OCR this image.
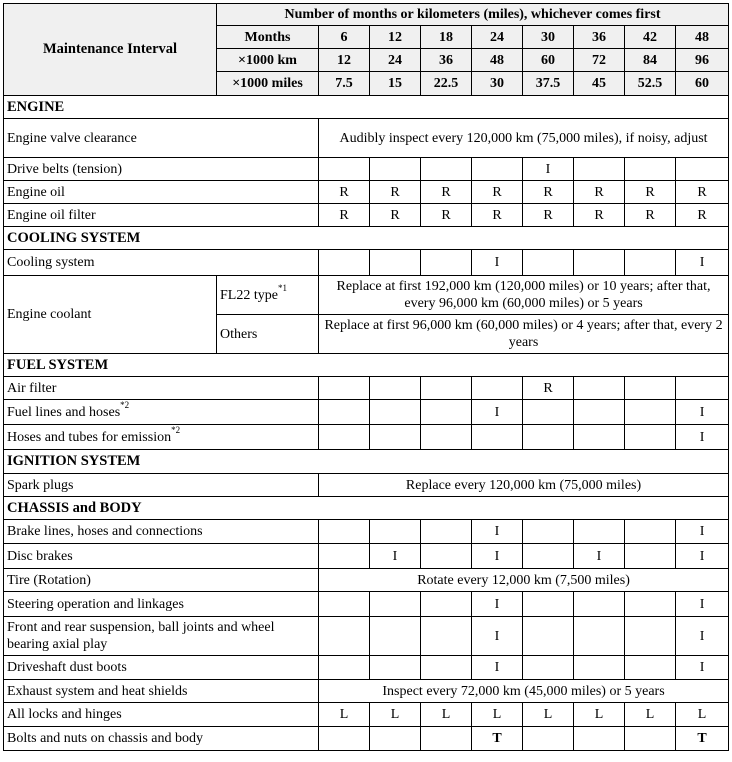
Maintenance Interval	Number of months or kilometers (miles), whichever comes first								
	Months	6	12	18	24	30	36	42	48
	×1000 km	12	24	36	48	60	72	84	96
	×1000 miles	7.5	15	22.5	30	37.5	45	52.5	60
ENGINE									
Engine valve clearance		Audibly inspect every 120,000 km (75,000 miles), if noisy, adjust							
Drive belts (tension)						I			
Engine oil		R	R	R	R	R	R	R	R
Engine oil filter		R	R	R	R	R	R	R	R
COOLING SYSTEM									
Cooling system					I				I
Engine coolant	FL22 type$^{*1}$	Replace at first 192,000 km (120,000 miles) or 10 years; after that, every 96,000 km (60,000 miles) or 5 years							
	Others	Replace at first 96,000 km (60,000 miles) or 4 years; after that, every 2 years							
FUEL SYSTEM									
Air filter						R			
Fuel lines and hoses$^{*2}$					I				I
Hoses and tubes for emission$^{*2}$									I
IGNITION SYSTEM									
Spark plugs		Replace every 120,000 km (75,000 miles)							
CHASSIS and BODY									
Brake lines, hoses and connections					I				I
Disc brakes			I		I		I		I
Tire (Rotation)		Rotate every 12,000 km (7,500 miles)							
Steering operation and linkages					I				I
Front and rear suspension, ball joints and wheel bearing axial play					I				I
Driveshaft dust boots					I				I
Exhaust system and heat shields		Inspect every 72,000 km (45,000 miles) or 5 years							
All locks and hinges		L	L	L	L	L	L	L	L
Bolts and nuts on chassis and body					T				T
